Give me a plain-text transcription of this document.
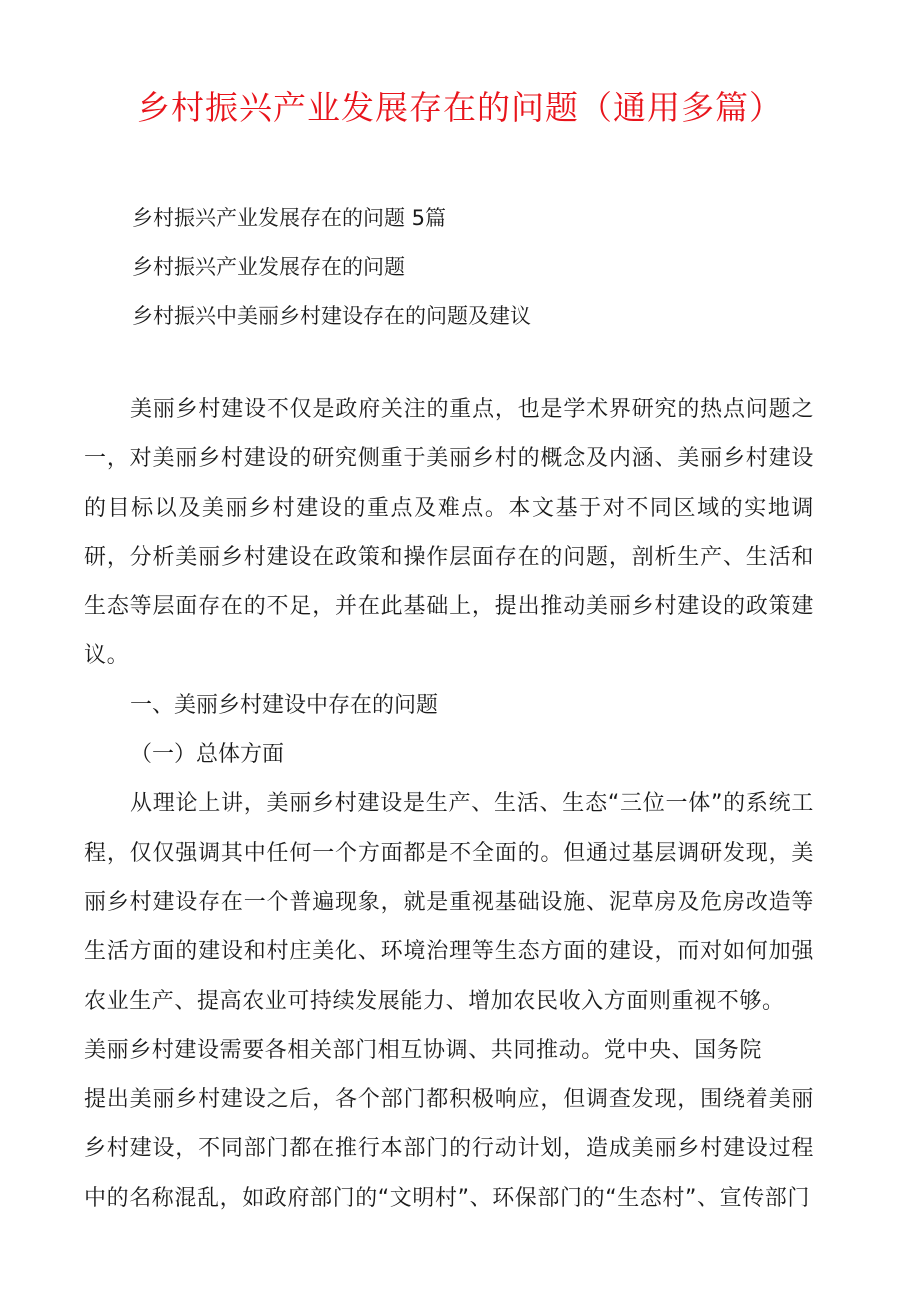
乡村振兴产业发展存在的问题（通用多篇）
乡村振兴产业发展存在的问题 5篇
乡村振兴产业发展存在的问题
乡村振兴中美丽乡村建设存在的问题及建议

美丽乡村建设不仅是政府关注的重点，也是学术界研究的热点问题之一，对美丽乡村建设的研究侧重于美丽乡村的概念及内涵、美丽乡村建设的目标以及美丽乡村建设的重点及难点。本文基于对不同区域的实地调研，分析美丽乡村建设在政策和操作层面存在的问题，剖析生产、生活和生态等层面存在的不足，并在此基础上，提出推动美丽乡村建设的政策建议。

一、美丽乡村建设中存在的问题

（一）总体方面

从理论上讲，美丽乡村建设是生产、生活、生态“三位一体”的系统工程，仅仅强调其中任何一个方面都是不全面的。但通过基层调研发现，美丽乡村建设存在一个普遍现象，就是重视基础设施、泥草房及危房改造等生活方面的建设和村庄美化、环境治理等生态方面的建设，而对如何加强农业生产、提高农业可持续发展能力、增加农民收入方面则重视不够。

美丽乡村建设需要各相关部门相互协调、共同推动。党中央、国务院

提出美丽乡村建设之后，各个部门都积极响应，但调查发现，围绕着美丽乡村建设，不同部门都在推行本部门的行动计划，造成美丽乡村建设过程中的名称混乱，如政府部门的“文明村”、环保部门的“生态村”、宣传部门
